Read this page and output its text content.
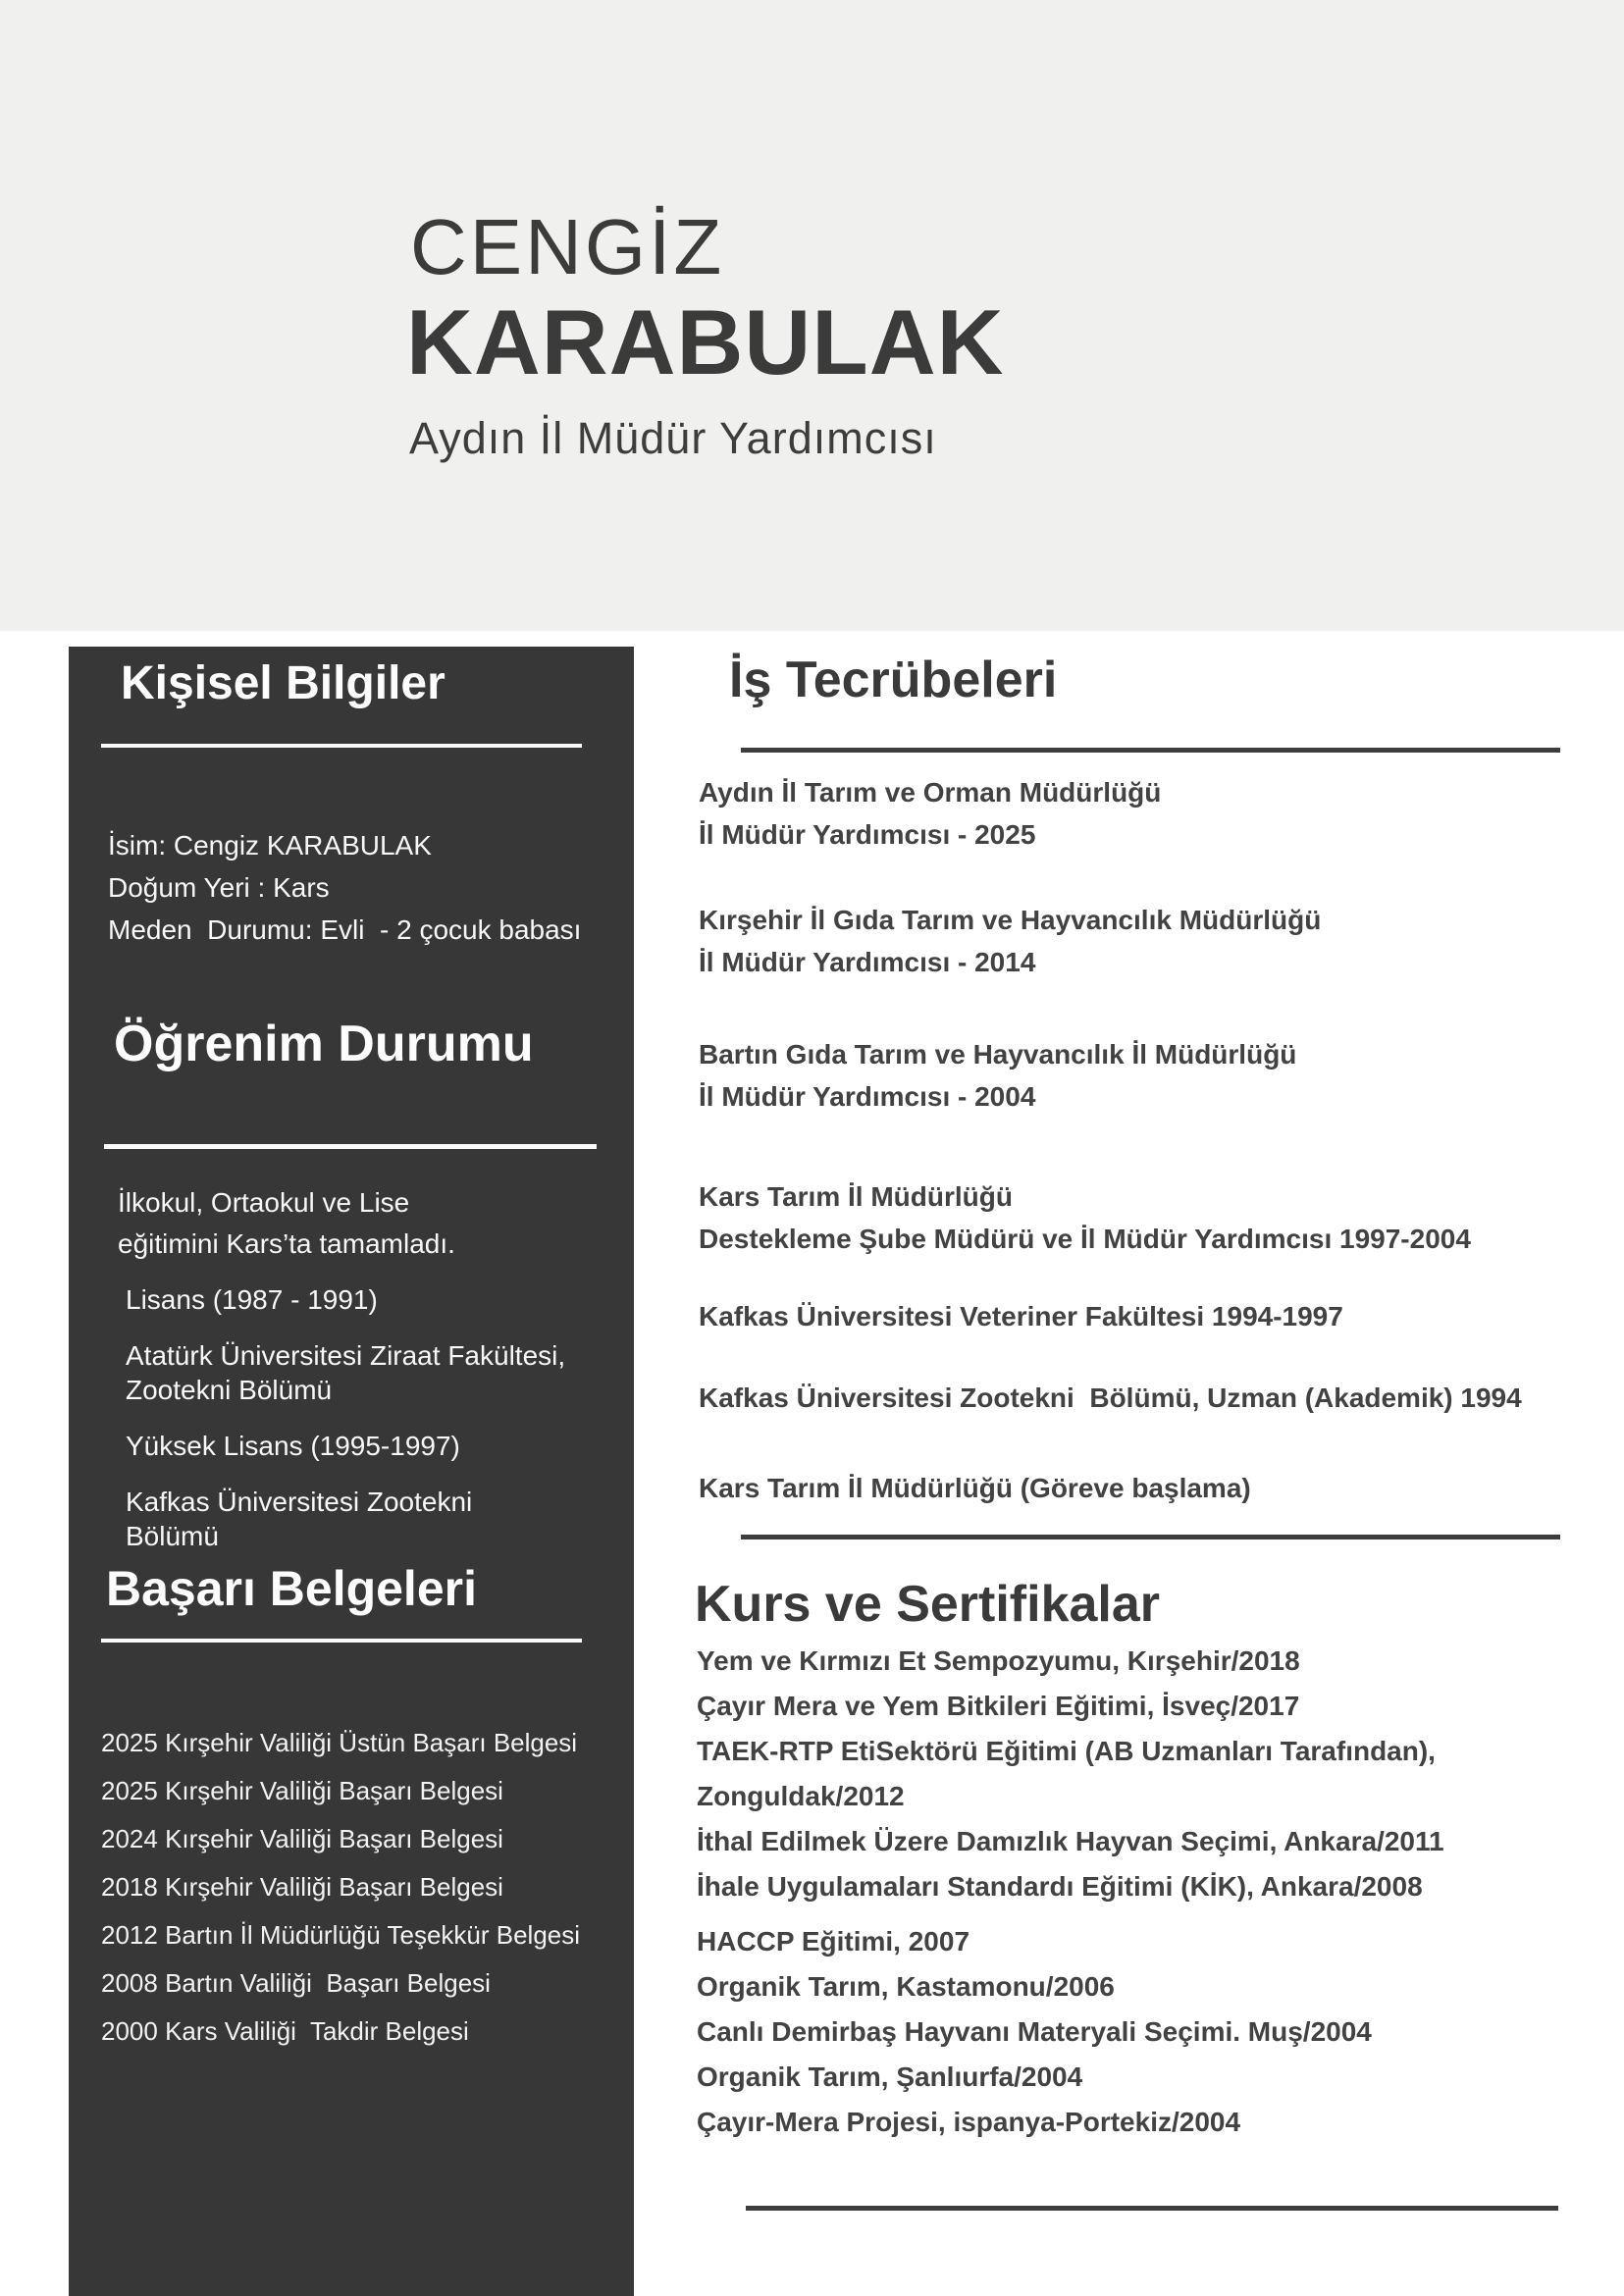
CENGİZ
KARABULAK
Aydın İl Müdür Yardımcısı
Kişisel Bilgiler
İsim: Cengiz KARABULAK
Doğum Yeri : Kars
Meden  Durumu: Evli  - 2 çocuk babası
Öğrenim Durumu
İlkokul, Ortaokul ve Lise
eğitimini Kars’ta tamamladı.
Lisans (1987 - 1991)
Atatürk Üniversitesi Ziraat Fakültesi,
Zootekni Bölümü
Yüksek Lisans (1995-1997)
Kafkas Üniversitesi Zootekni
Bölümü
Başarı Belgeleri
2025 Kırşehir Valiliği Üstün Başarı Belgesi
2025 Kırşehir Valiliği Başarı Belgesi
2024 Kırşehir Valiliği Başarı Belgesi
2018 Kırşehir Valiliği Başarı Belgesi
2012 Bartın İl Müdürlüğü Teşekkür Belgesi
2008 Bartın Valiliği  Başarı Belgesi
2000 Kars Valiliği  Takdir Belgesi
İş Tecrübeleri
Aydın İl Tarım ve Orman Müdürlüğü
İl Müdür Yardımcısı - 2025
Kırşehir İl Gıda Tarım ve Hayvancılık Müdürlüğü
İl Müdür Yardımcısı - 2014
Bartın Gıda Tarım ve Hayvancılık İl Müdürlüğü
İl Müdür Yardımcısı - 2004
Kars Tarım İl Müdürlüğü
Destekleme Şube Müdürü ve İl Müdür Yardımcısı 1997-2004
Kafkas Üniversitesi Veteriner Fakültesi 1994-1997
Kafkas Üniversitesi Zootekni  Bölümü, Uzman (Akademik) 1994
Kars Tarım İl Müdürlüğü (Göreve başlama)
Kurs ve Sertifikalar
Yem ve Kırmızı Et Sempozyumu, Kırşehir/2018
Çayır Mera ve Yem Bitkileri Eğitimi, İsveç/2017
TAEK-RTP EtiSektörü Eğitimi (AB Uzmanları Tarafından),
Zonguldak/2012
İthal Edilmek Üzere Damızlık Hayvan Seçimi, Ankara/2011
İhale Uygulamaları Standardı Eğitimi (KİK), Ankara/2008
HACCP Eğitimi, 2007
Organik Tarım, Kastamonu/2006
Canlı Demirbaş Hayvanı Materyali Seçimi. Muş/2004
Organik Tarım, Şanlıurfa/2004
Çayır-Mera Projesi, ispanya-Portekiz/2004
